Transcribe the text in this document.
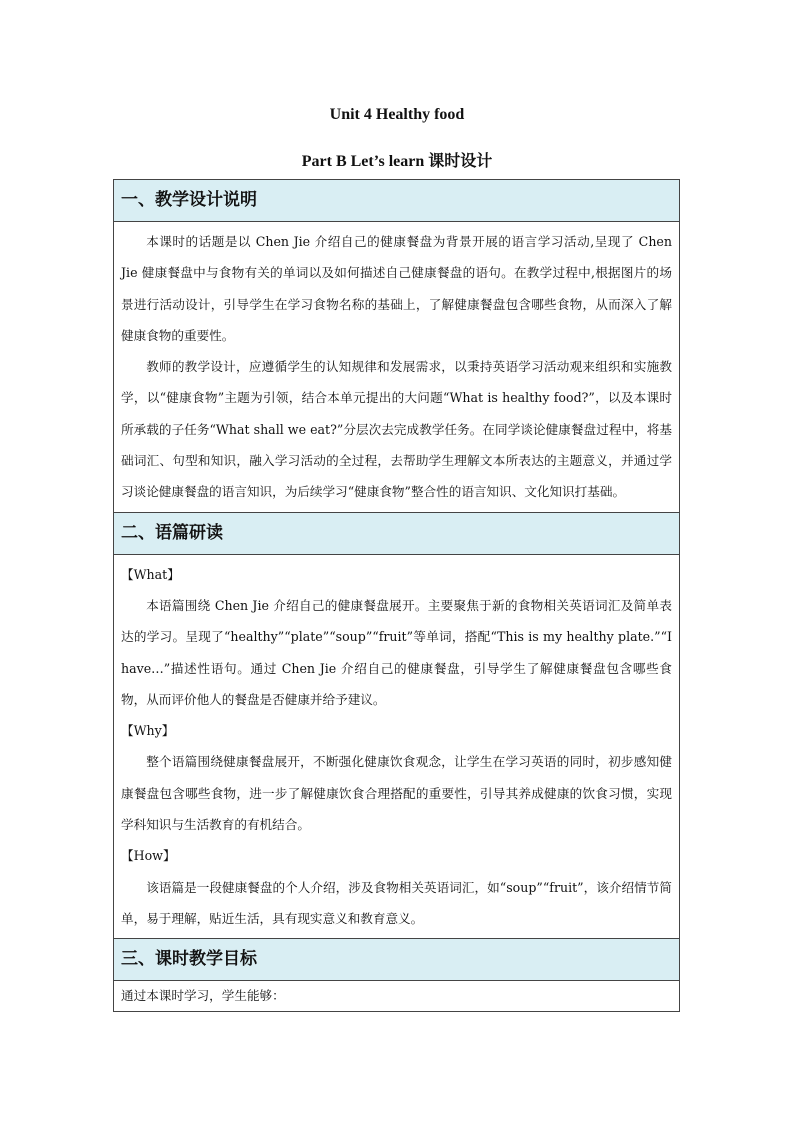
Unit 4 Healthy food
Part B Let’s learn 课时设计
一、教学设计说明

本课时的话题是以 Chen Jie 介绍自己的健康餐盘为背景开展的语言学习活动,呈现了 Chen Jie 健康餐盘中与食物有关的单词以及如何描述自己健康餐盘的语句。在教学过程中,根据图片的场景进行活动设计，引导学生在学习食物名称的基础上，了解健康餐盘包含哪些食物，从而深入了解健康食物的重要性。

教师的教学设计，应遵循学生的认知规律和发展需求，以秉持英语学习活动观来组织和实施教学，以“健康食物”主题为引领，结合本单元提出的大问题“What is healthy food?”，以及本课时所承载的子任务“What shall we eat?”分层次去完成教学任务。在同学谈论健康餐盘过程中，将基础词汇、句型和知识，融入学习活动的全过程，去帮助学生理解文本所表达的主题意义，并通过学习谈论健康餐盘的语言知识，为后续学习“健康食物”整合性的语言知识、文化知识打基础。

二、语篇研读

【What】

本语篇围绕 Chen Jie 介绍自己的健康餐盘展开。主要聚焦于新的食物相关英语词汇及简单表达的学习。呈现了“healthy”“plate”“soup”“fruit”等单词，搭配“This is my healthy plate.”“I have…”描述性语句。通过 Chen Jie 介绍自己的健康餐盘，引导学生了解健康餐盘包含哪些食物，从而评价他人的餐盘是否健康并给予建议。

【Why】

整个语篇围绕健康餐盘展开，不断强化健康饮食观念，让学生在学习英语的同时，初步感知健康餐盘包含哪些食物，进一步了解健康饮食合理搭配的重要性，引导其养成健康的饮食习惯，实现学科知识与生活教育的有机结合。

【How】

该语篇是一段健康餐盘的个人介绍，涉及食物相关英语词汇，如“soup”“fruit”，该介绍情节简单，易于理解，贴近生活，具有现实意义和教育意义。

三、课时教学目标

通过本课时学习，学生能够：
